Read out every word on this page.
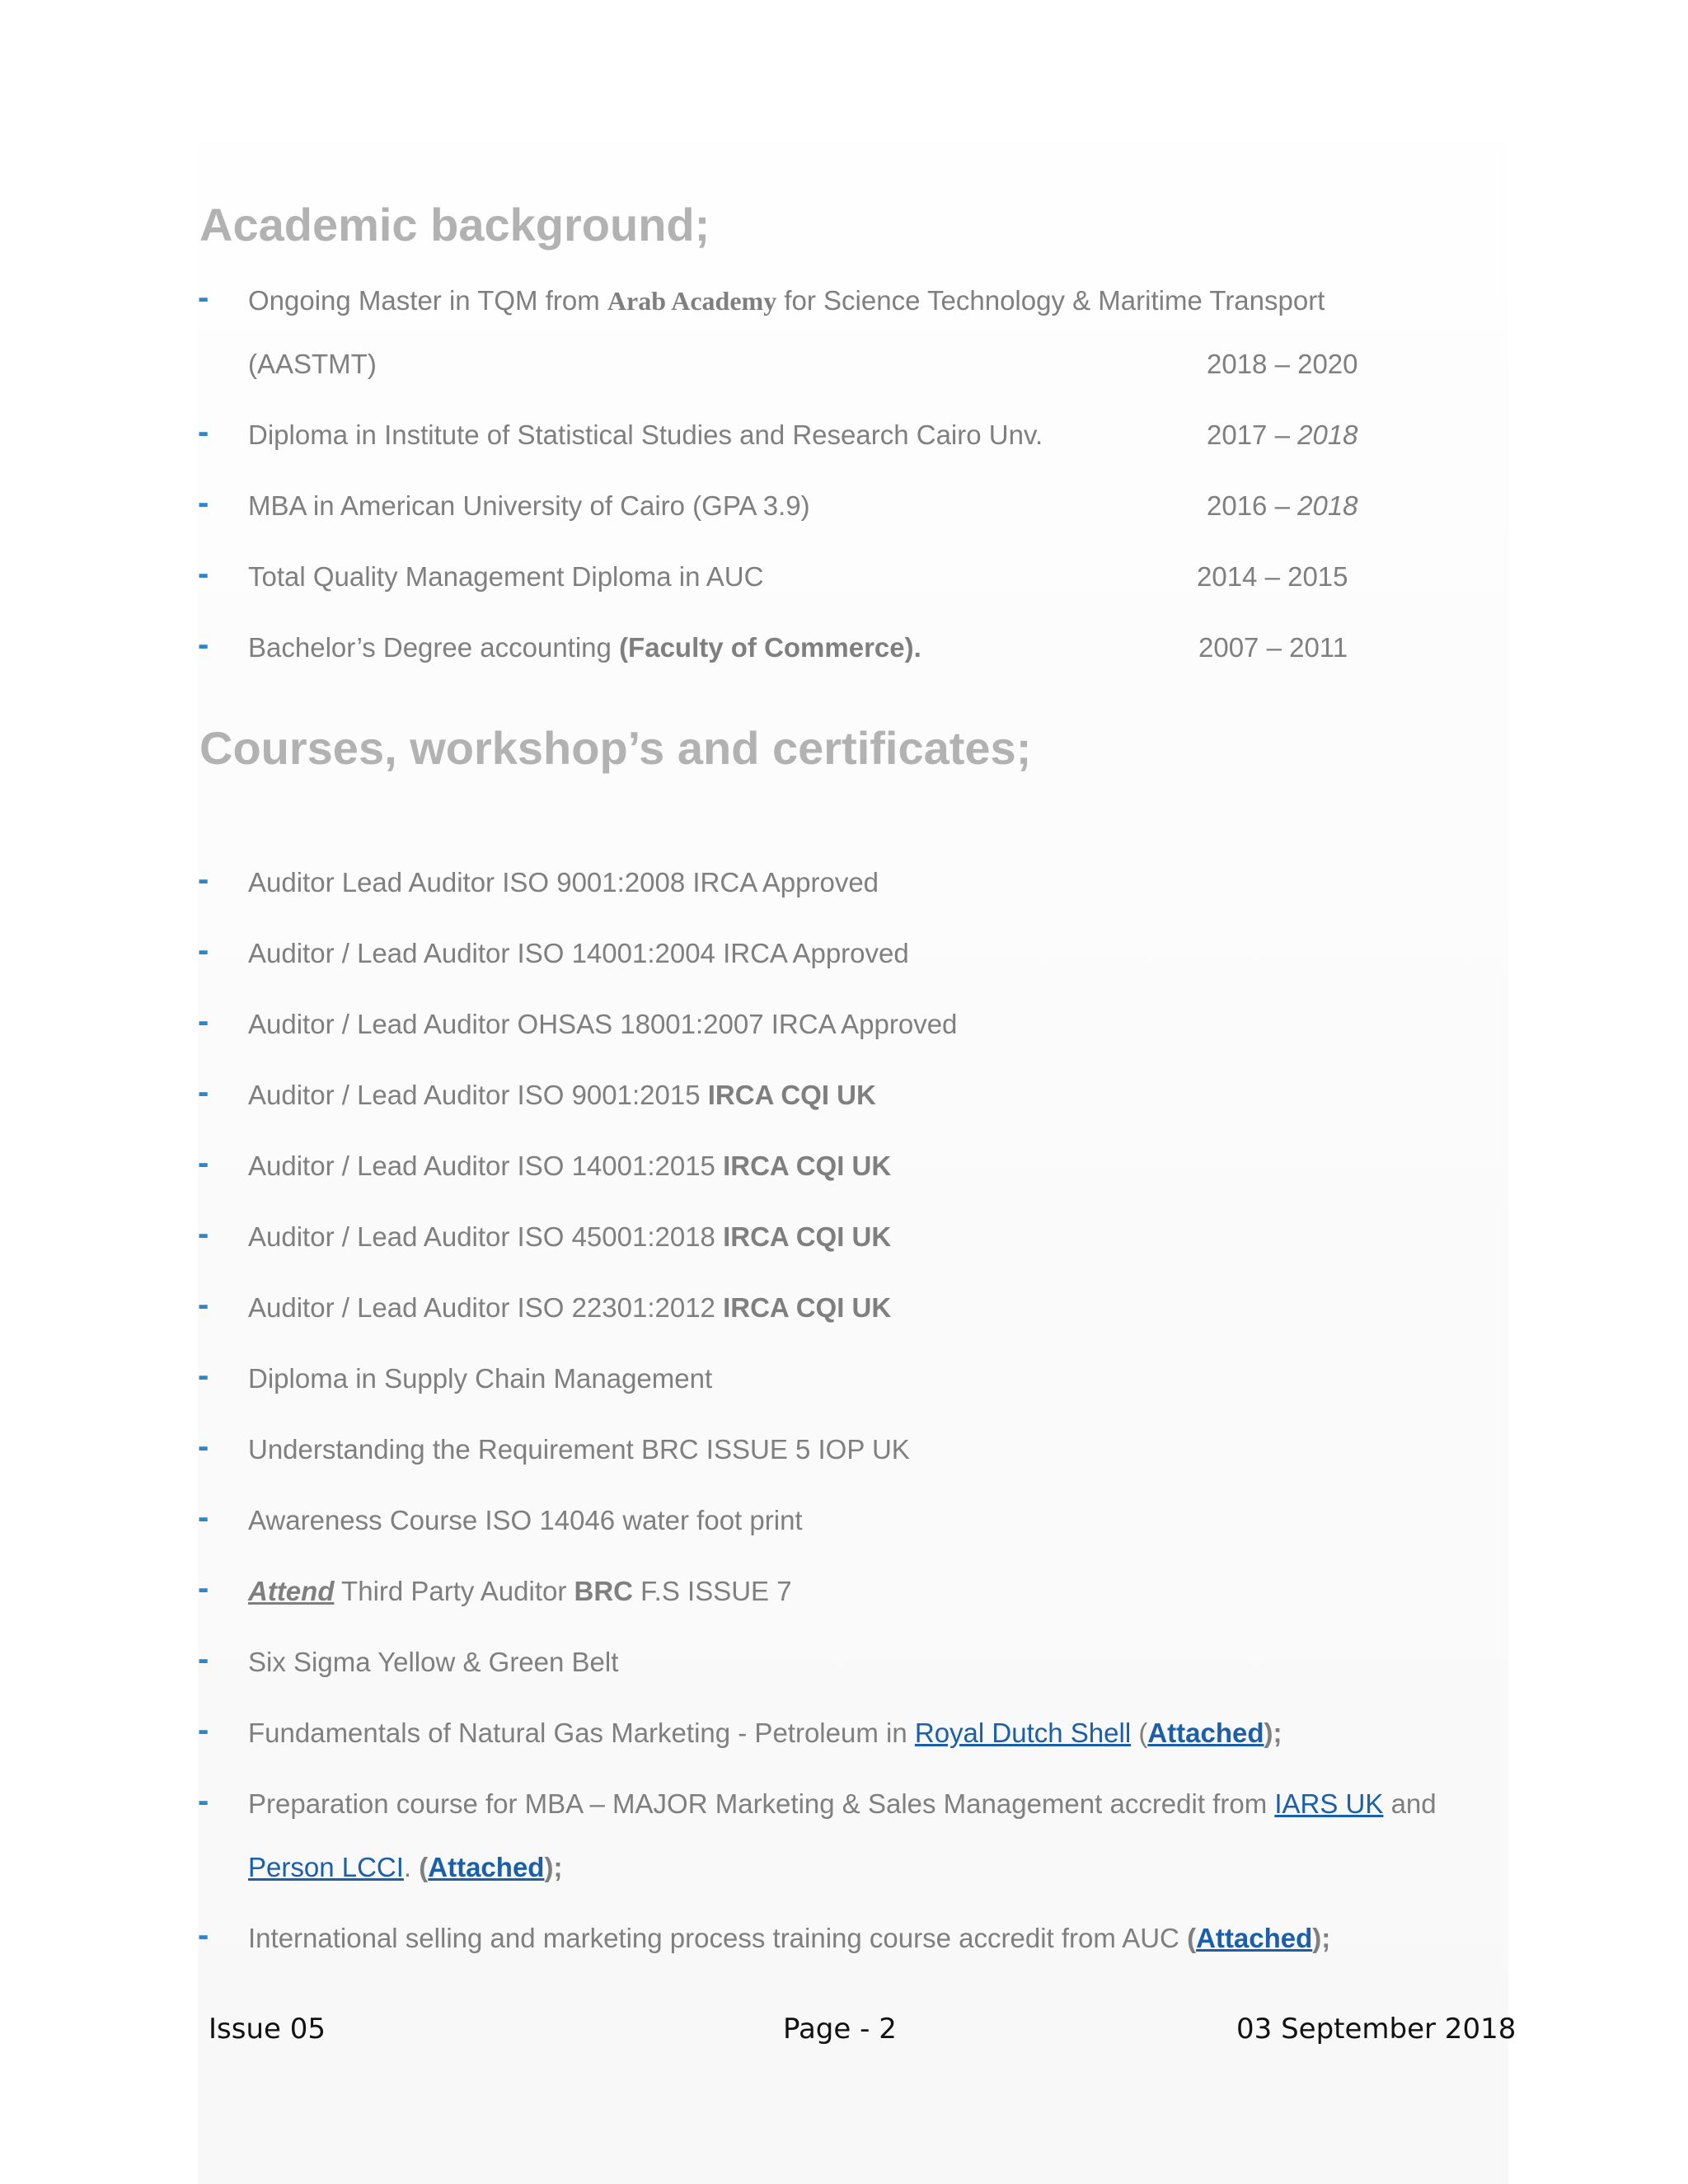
Academic background;
- Ongoing Master in TQM from Arab Academy for Science Technology & Maritime Transport
(AASTMT)	2018 – 2020
- Diploma in Institute of Statistical Studies and Research Cairo Unv.	2017 – 2018
- MBA in American University of Cairo (GPA 3.9)	2016 – 2018
- Total Quality Management Diploma in AUC	2014 – 2015
- Bachelor’s Degree accounting (Faculty of Commerce).	2007 – 2011
Courses, workshop’s and certificates;
- Auditor Lead Auditor ISO 9001:2008 IRCA Approved
- Auditor / Lead Auditor ISO 14001:2004 IRCA Approved
- Auditor / Lead Auditor OHSAS 18001:2007 IRCA Approved
- Auditor / Lead Auditor ISO 9001:2015 IRCA CQI UK
- Auditor / Lead Auditor ISO 14001:2015 IRCA CQI UK
- Auditor / Lead Auditor ISO 45001:2018 IRCA CQI UK
- Auditor / Lead Auditor ISO 22301:2012 IRCA CQI UK
- Diploma in Supply Chain Management
- Understanding the Requirement BRC ISSUE 5 IOP UK
- Awareness Course ISO 14046 water foot print
- Attend Third Party Auditor BRC F.S ISSUE 7
- Six Sigma Yellow & Green Belt
- Fundamentals of Natural Gas Marketing - Petroleum in Royal Dutch Shell (Attached);
- Preparation course for MBA – MAJOR Marketing & Sales Management accredit from IARS UK and
Person LCCI. (Attached);
- International selling and marketing process training course accredit from AUC (Attached);
Issue 05	Page - 2	03 September 2018
